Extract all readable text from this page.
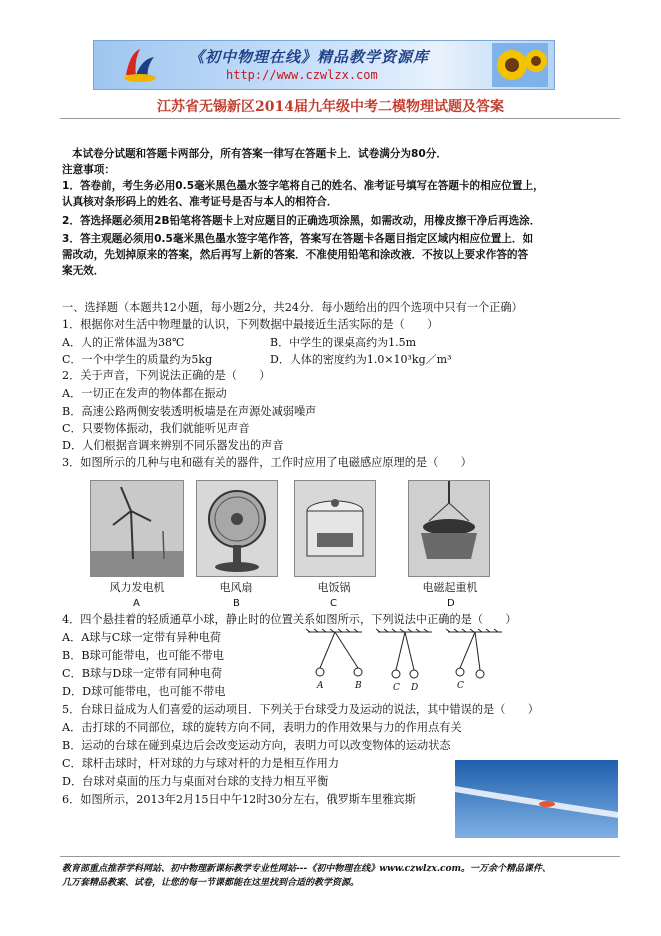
《初中物理在线》精品教学资源库
http://www.czwlzx.com
江苏省无锡新区2014届九年级中考二模物理试题及答案
本试卷分试题和答题卡两部分，所有答案一律写在答题卡上．试卷满分为80分．
注意事项：
1．答卷前，考生务必用0.5毫米黑色墨水签字笔将自己的姓名、准考证号填写在答题卡的相应位置上，
认真核对条形码上的姓名、准考证号是否与本人的相符合．
2．答选择题必须用2B铅笔将答题卡上对应题目的正确选项涂黑，如需改动，用橡皮擦干净后再选涂．
3．答主观题必须用0.5毫米黑色墨水签字笔作答，答案写在答题卡各题目指定区域内相应位置上．如
需改动，先划掉原来的答案，然后再写上新的答案．不准使用铅笔和涂改液．不按以上要求作答的答
案无效．
一、选择题（本题共12小题，每小题2分，共24分．每小题给出的四个选项中只有一个正确）
1．根据你对生活中物理量的认识，下列数据中最接近生活实际的是（　　）
A．人的正常体温为38℃	B．中学生的课桌高约为1.5m
C．一个中学生的质量约为5kg	D．人体的密度约为1.0×10³kg／m³
2．关于声音，下列说法正确的是（　　）
A．一切正在发声的物体都在振动
B．高速公路两侧安装透明板墙是在声源处减弱噪声
C．只要物体振动，我们就能听见声音
D．人们根据音调来辨别不同乐器发出的声音
3．如图所示的几种与电和磁有关的器件，工作时应用了电磁感应原理的是（　　）
风力发电机	电风扇	电饭锅	电磁起重机
A	B	C	D
4．四个悬挂着的轻质通草小球，静止时的位置关系如图所示，下列说法中正确的是（　　）
A．A球与C球一定带有异种电荷
B．B球可能带电，也可能不带电
C．B球与D球一定带有同种电荷
D．D球可能带电，也可能不带电	A	B	C D	C
5．台球日益成为人们喜爱的运动项目．下列关于台球受力及运动的说法，其中错误的是（　　）
A．击打球的不同部位，球的旋转方向不同，表明力的作用效果与力的作用点有关
B．运动的台球在碰到桌边后会改变运动方向，表明力可以改变物体的运动状态
C．球杆击球时，杆对球的力与球对杆的力是相互作用力
D．台球对桌面的压力与桌面对台球的支持力相互平衡
6．如图所示，2013年2月15日中午12时30分左右，俄罗斯车里雅宾斯
教育部重点推荐学科网站、初中物理新课标教学专业性网站---《初中物理在线》www.czwlzx.com。一万余个精品课件、
几万套精品教案、试卷，让您的每一节课都能在这里找到合适的教学资源。
